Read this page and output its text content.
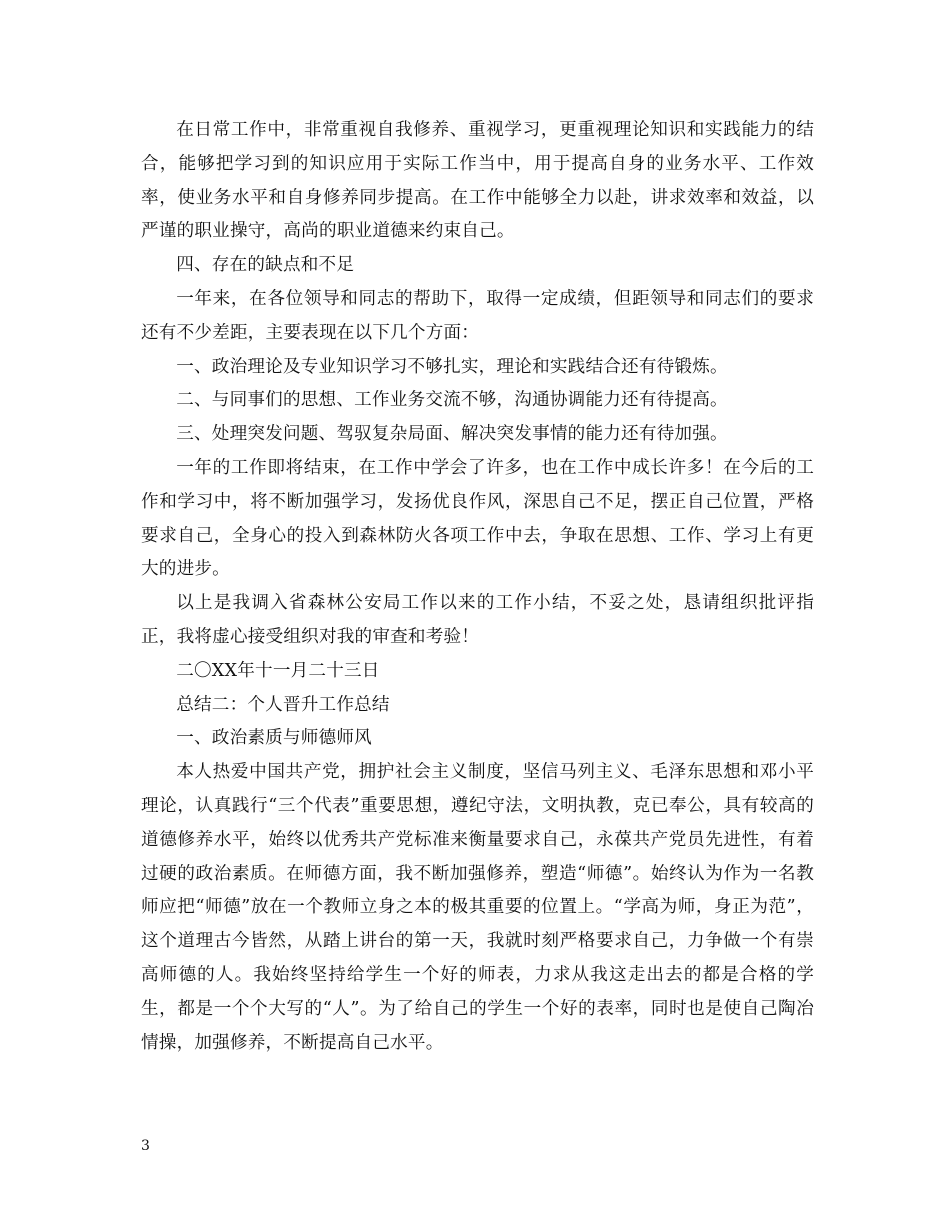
在日常工作中，非常重视自我修养、重视学习，更重视理论知识和实践能力的结合，能够把学习到的知识应用于实际工作当中，用于提高自身的业务水平、工作效率，使业务水平和自身修养同步提高。在工作中能够全力以赴，讲求效率和效益，以严谨的职业操守，高尚的职业道德来约束自己。

四、存在的缺点和不足

一年来，在各位领导和同志的帮助下，取得一定成绩，但距领导和同志们的要求还有不少差距，主要表现在以下几个方面：

一、政治理论及专业知识学习不够扎实，理论和实践结合还有待锻炼。

二、与同事们的思想、工作业务交流不够，沟通协调能力还有待提高。

三、处理突发问题、驾驭复杂局面、解决突发事情的能力还有待加强。

一年的工作即将结束，在工作中学会了许多，也在工作中成长许多！在今后的工作和学习中，将不断加强学习，发扬优良作风，深思自己不足，摆正自己位置，严格要求自己，全身心的投入到森林防火各项工作中去，争取在思想、工作、学习上有更大的进步。

以上是我调入省森林公安局工作以来的工作小结，不妥之处，恳请组织批评指正，我将虚心接受组织对我的审查和考验！

二〇XX年十一月二十三日

总结二：个人晋升工作总结

一、政治素质与师德师风

本人热爱中国共产党，拥护社会主义制度，坚信马列主义、毛泽东思想和邓小平理论，认真践行“三个代表”重要思想，遵纪守法，文明执教，克已奉公，具有较高的道德修养水平，始终以优秀共产党标准来衡量要求自己，永葆共产党员先进性，有着过硬的政治素质。在师德方面，我不断加强修养，塑造“师德”。始终认为作为一名教师应把“师德”放在一个教师立身之本的极其重要的位置上。“学高为师，身正为范”，这个道理古今皆然，从踏上讲台的第一天，我就时刻严格要求自己，力争做一个有崇高师德的人。我始终坚持给学生一个好的师表，力求从我这走出去的都是合格的学生，都是一个个大写的“人”。为了给自己的学生一个好的表率，同时也是使自己陶冶情操，加强修养，不断提高自己水平。

3
